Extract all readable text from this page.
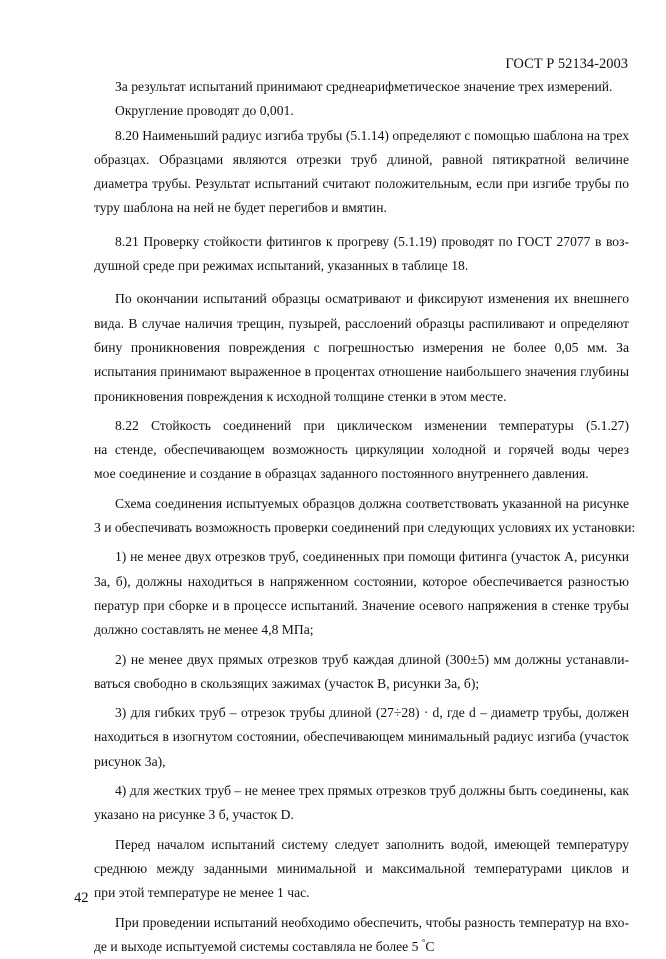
ГОСТ Р 52134-2003
За результат испытаний принимают среднеарифметическое значение трех измерений.
Округление проводят до 0,001.
8.20 Наименьший радиус изгиба трубы (5.1.14) определяют с помощью шаблона на трех
образцах. Образцами являются отрезки труб длиной, равной пятикратной величине
диаметра трубы. Результат испытаний считают положительным, если при изгибе трубы по
туру шаблона на ней не будет перегибов и вмятин.
8.21 Проверку стойкости фитингов к прогреву (5.1.19) проводят по ГОСТ 27077 в воз-
душной среде при режимах испытаний, указанных в таблице 18.
По окончании испытаний образцы осматривают и фиксируют изменения их внешнего
вида. В случае наличия трещин, пузырей, расслоений образцы распиливают и определяют
бину проникновения повреждения с погрешностью измерения не более 0,05 мм. За
испытания принимают выраженное в процентах отношение наибольшего значения глубины
проникновения повреждения к исходной толщине стенки в этом месте.
8.22 Стойкость соединений при циклическом изменении температуры (5.1.27)
на стенде, обеспечивающем возможность циркуляции холодной и горячей воды через
мое соединение и создание в образцах заданного постоянного внутреннего давления.
Схема соединения испытуемых образцов должна соответствовать указанной на рисунке
3 и обеспечивать возможность проверки соединений при следующих условиях их установки:
1) не менее двух отрезков труб, соединенных при помощи фитинга (участок А, рисунки
3а, б), должны находиться в напряженном состоянии, которое обеспечивается разностью
ператур при сборке и в процессе испытаний. Значение осевого напряжения в стенке трубы
должно составлять не менее 4,8 МПа;
2) не менее двух прямых отрезков труб каждая длиной (300±5) мм должны устанавли-
ваться свободно в скользящих зажимах (участок В, рисунки 3а, б);
3) для гибких труб – отрезок трубы длиной (27÷28) · d, где d – диаметр трубы, должен
находиться в изогнутом состоянии, обеспечивающем минимальный радиус изгиба (участок
рисунок 3а),
4) для жестких труб – не менее трех прямых отрезков труб должны быть соединены, как
указано на рисунке 3 б, участок D.
Перед началом испытаний систему следует заполнить водой, имеющей температуру
среднюю между заданными минимальной и максимальной температурами циклов и
при этой температуре не менее 1 час.
При проведении испытаний необходимо обеспечить, чтобы разность температур на вхо-
де и выходе испытуемой системы составляла не более 5 °С
42
